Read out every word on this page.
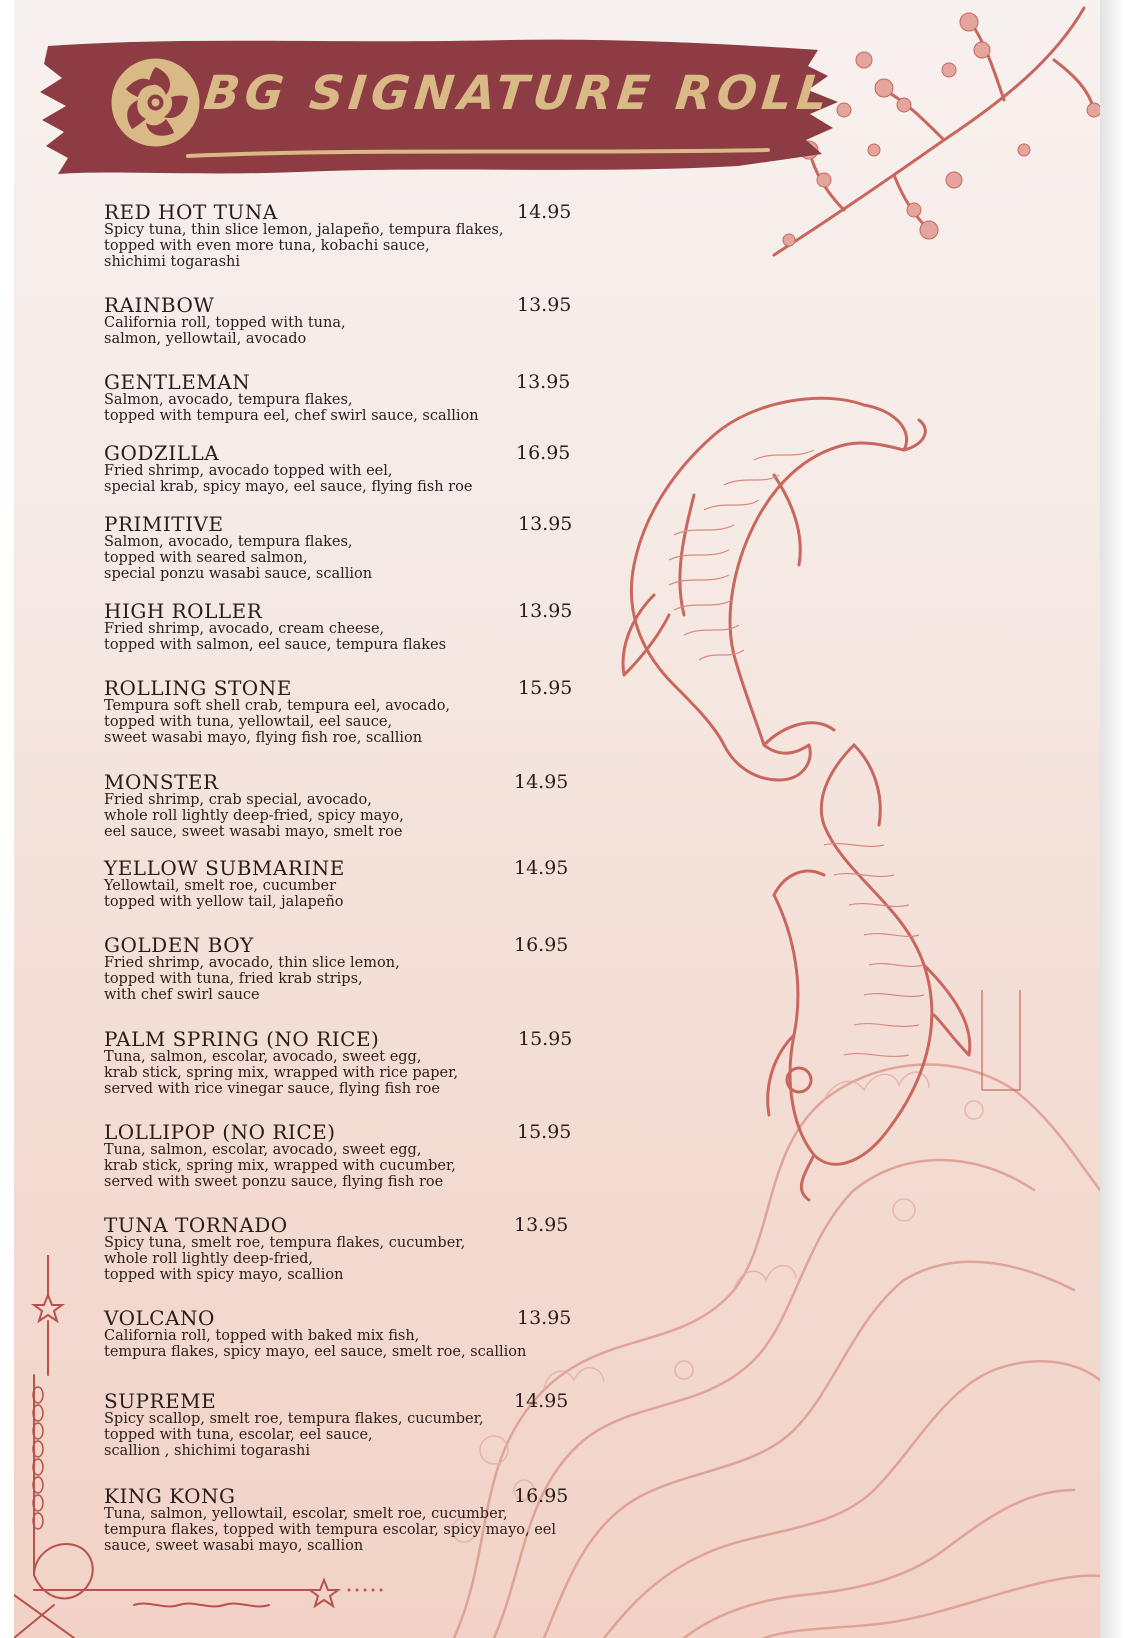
BG SIGNATURE ROLL
RED HOT TUNA	14.95
Spicy tuna, thin slice lemon, jalapeño, tempura flakes,
topped with even more tuna, kobachi sauce,
shichimi togarashi
RAINBOW	13.95
California roll, topped with tuna,
salmon, yellowtail, avocado
GENTLEMAN	13.95
Salmon, avocado, tempura flakes,
topped with tempura eel, chef swirl sauce, scallion
GODZILLA	16.95
Fried shrimp, avocado topped with eel,
special krab, spicy mayo, eel sauce, flying fish roe
PRIMITIVE	13.95
Salmon, avocado, tempura flakes,
topped with seared salmon,
special ponzu wasabi sauce, scallion
HIGH ROLLER	13.95
Fried shrimp, avocado, cream cheese,
topped with salmon, eel sauce, tempura flakes
ROLLING STONE	15.95
Tempura soft shell crab, tempura eel, avocado,
topped with tuna, yellowtail, eel sauce,
sweet wasabi mayo, flying fish roe, scallion
MONSTER	14.95
Fried shrimp, crab special, avocado,
whole roll lightly deep-fried, spicy mayo,
eel sauce, sweet wasabi mayo, smelt roe
YELLOW SUBMARINE	14.95
Yellowtail, smelt roe, cucumber
topped with yellow tail, jalapeño
GOLDEN BOY	16.95
Fried shrimp, avocado, thin slice lemon,
topped with tuna, fried krab strips,
with chef swirl sauce
PALM SPRING (NO RICE)	15.95
Tuna, salmon, escolar, avocado, sweet egg,
krab stick, spring mix, wrapped with rice paper,
served with rice vinegar sauce, flying fish roe
LOLLIPOP (NO RICE)	15.95
Tuna, salmon, escolar, avocado, sweet egg,
krab stick, spring mix, wrapped with cucumber,
served with sweet ponzu sauce, flying fish roe
TUNA TORNADO	13.95
Spicy tuna, smelt roe, tempura flakes, cucumber,
whole roll lightly deep-fried,
topped with spicy mayo, scallion
VOLCANO	13.95
California roll, topped with baked mix fish,
tempura flakes, spicy mayo, eel sauce, smelt roe, scallion
SUPREME	14.95
Spicy scallop, smelt roe, tempura flakes, cucumber,
topped with tuna, escolar, eel sauce,
scallion , shichimi togarashi
KING KONG	16.95
Tuna, salmon, yellowtail, escolar, smelt roe, cucumber,
tempura flakes, topped with tempura escolar, spicy mayo, eel
sauce, sweet wasabi mayo, scallion
